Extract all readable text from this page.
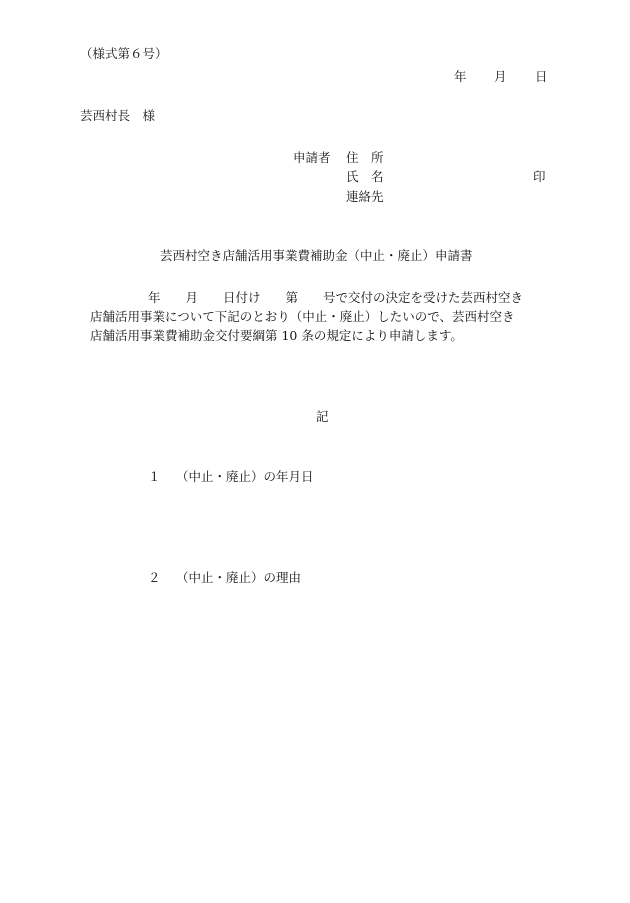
（様式第６号）
年 月 日
芸西村長　様
申請者 住　所
氏　名	印
連絡先
芸西村空き店舗活用事業費補助金（中止・廃止）申請書
年　　月　　日付け　　第　　号で交付の決定を受けた芸西村空き
店舗活用事業について下記のとおり（中止・廃止）したいので、芸西村空き
店舗活用事業費補助金交付要綱第 10 条の規定により申請します。
記
１ （中止・廃止）の年月日
２ （中止・廃止）の理由
